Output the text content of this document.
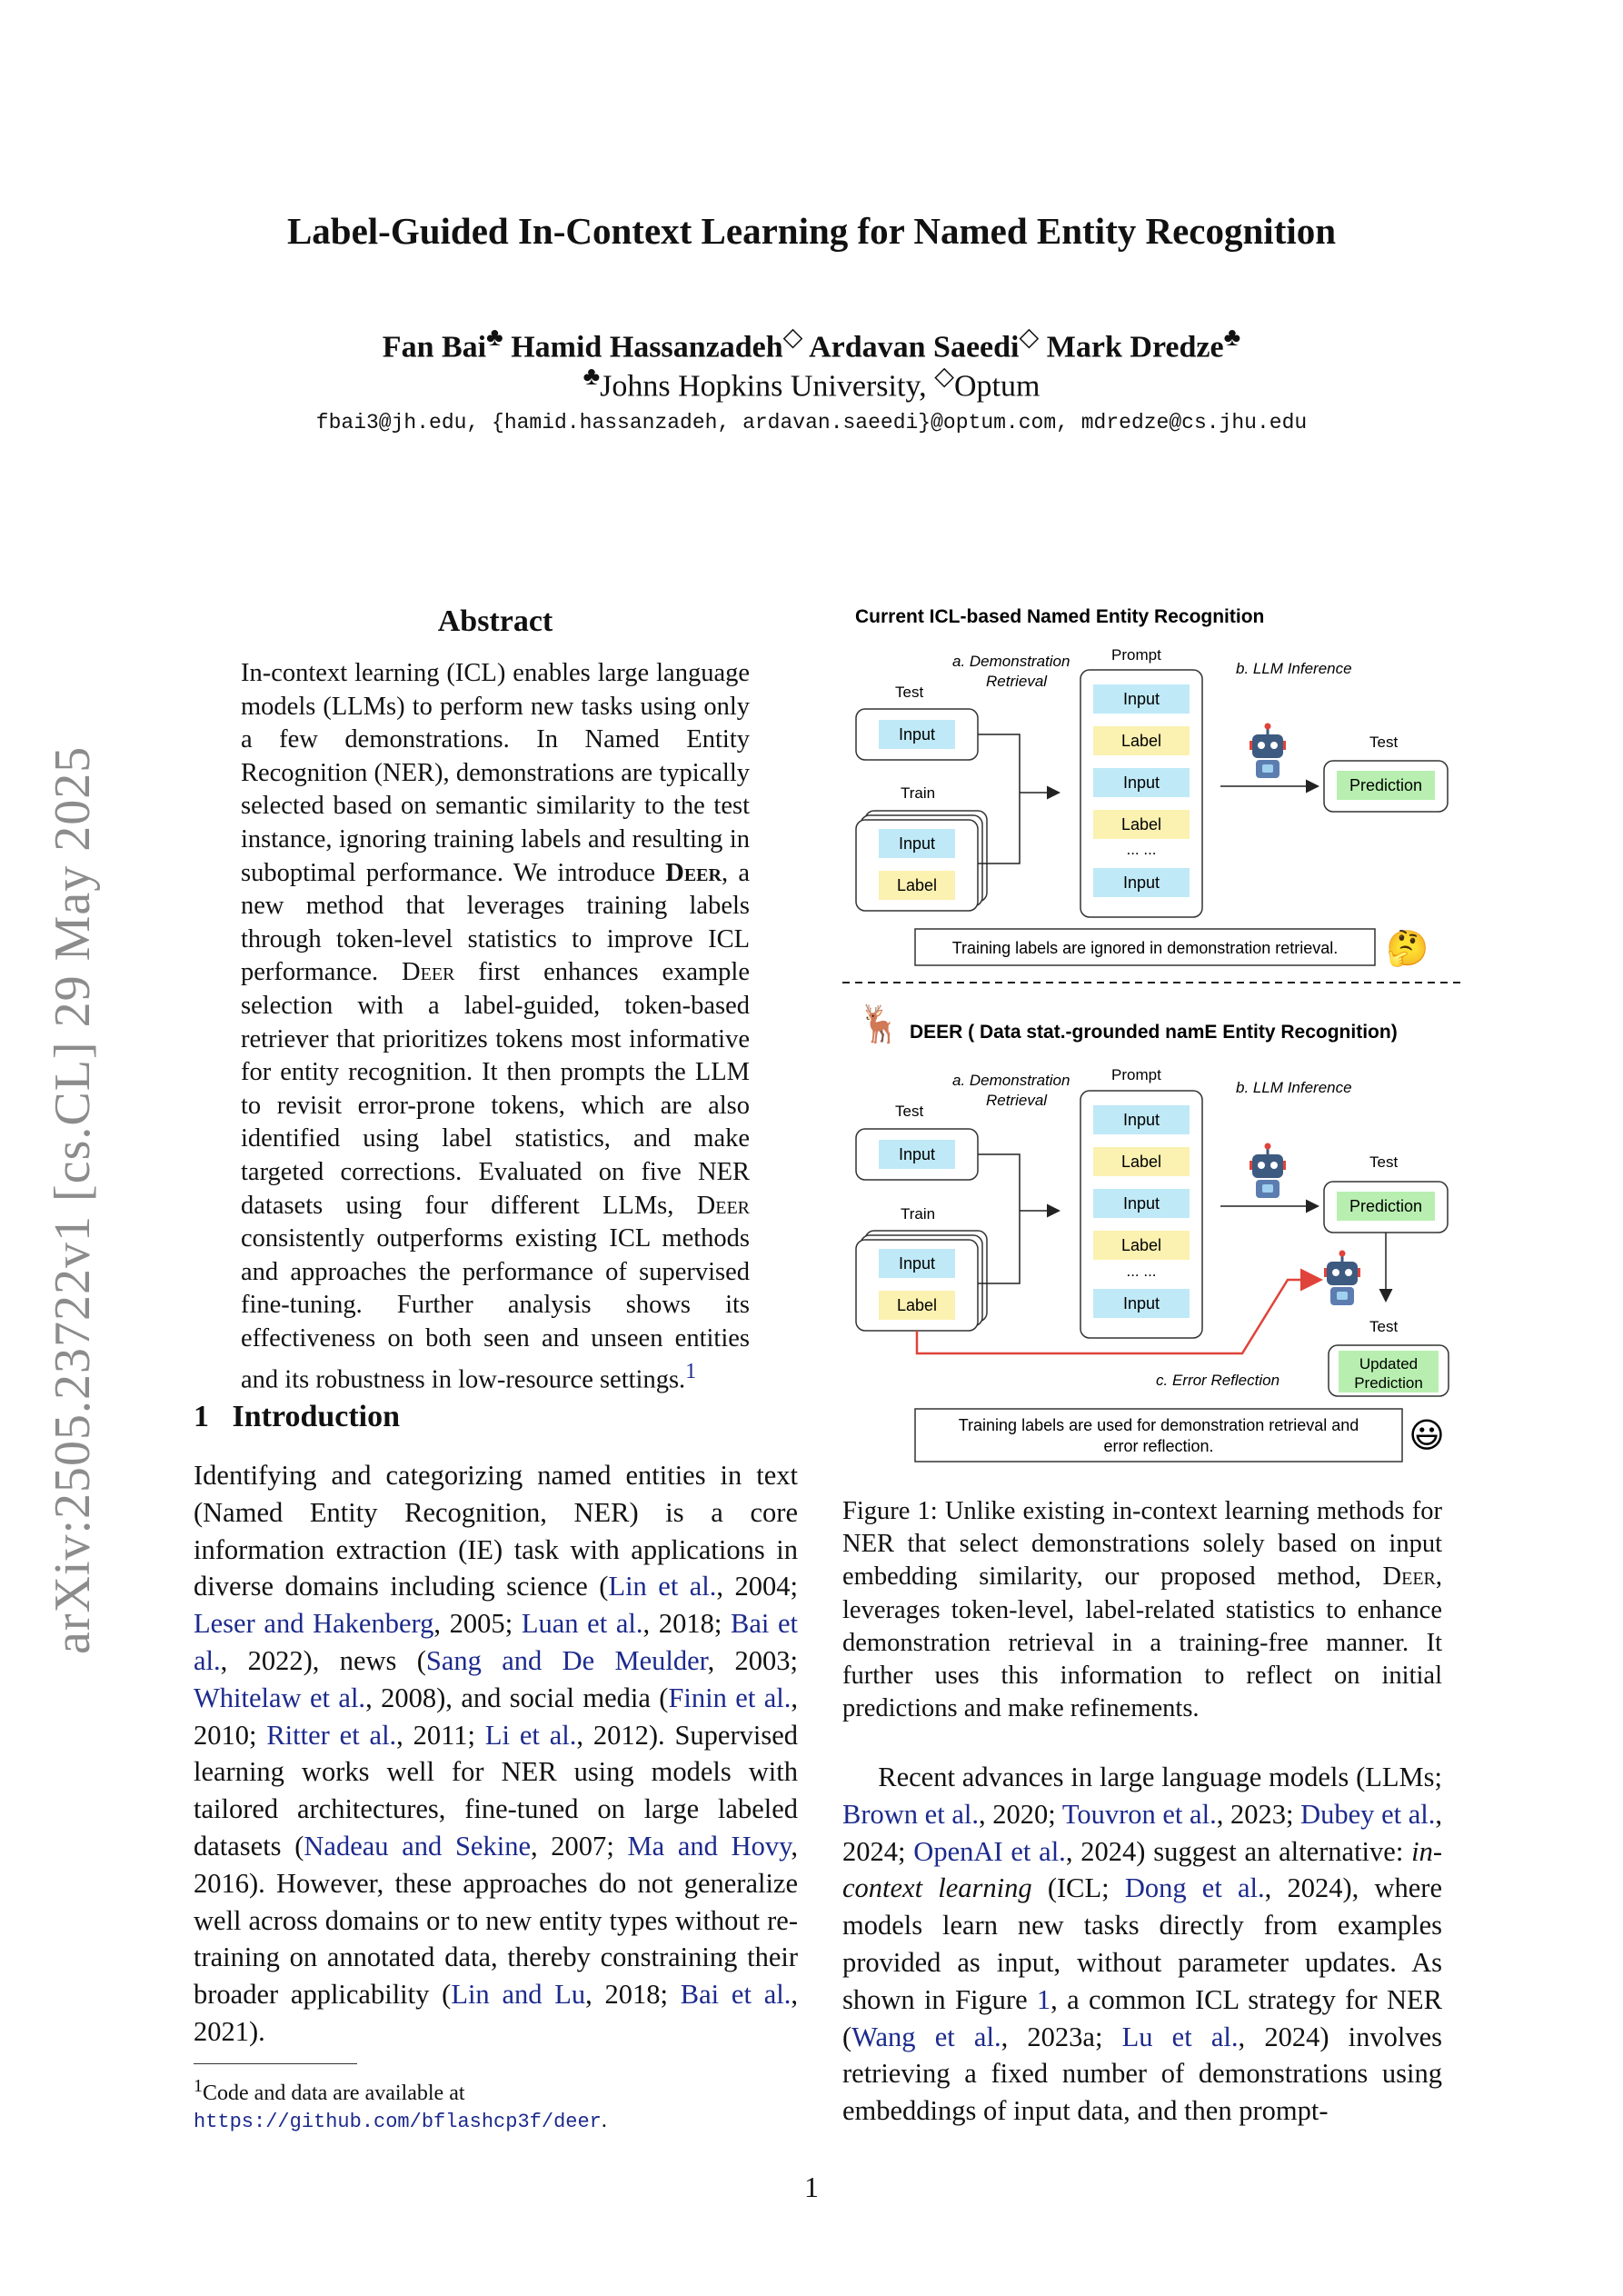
Label-Guided In-Context Learning for Named Entity Recognition
Fan Bai♣ Hamid Hassanzadeh◇ Ardavan Saeedi◇ Mark Dredze♣
♣Johns Hopkins University, ◇Optum
fbai3@jh.edu, {hamid.hassanzadeh, ardavan.saeedi}@optum.com, mdredze@cs.jhu.edu
arXiv:2505.23722v1 [cs.CL] 29 May 2025
Abstract
In-context learning (ICL) enables large language models (LLMs) to perform new tasks using only a few demonstrations. In Named Entity Recognition (NER), demonstrations are typically selected based on semantic similarity to the test instance, ignoring training labels and resulting in suboptimal performance. We introduce Deer, a new method that leverages training labels through token-level statistics to improve ICL performance. Deer first enhances example selection with a label-guided, token-based retriever that prioritizes tokens most informative for entity recognition. It then prompts the LLM to revisit error-prone tokens, which are also identified using label statistics, and make targeted corrections. Evaluated on five NER datasets using four different LLMs, Deer consistently outperforms existing ICL methods and approaches the performance of supervised fine-tuning. Further analysis shows its effectiveness on both seen and unseen entities and its robustness in low-resource settings.$^1$
1 Introduction
Identifying and categorizing named entities in text (Named Entity Recognition, NER) is a core information extraction (IE) task with applications in diverse domains including science (Lin et al., 2004; Leser and Hakenberg, 2005; Luan et al., 2018; Bai et al., 2022), news (Sang and De Meulder, 2003; Whitelaw et al., 2008), and social media (Finin et al., 2010; Ritter et al., 2011; Li et al., 2012). Supervised learning works well for NER using models with tailored architectures, fine-tuned on large labeled datasets (Nadeau and Sekine, 2007; Ma and Hovy, 2016). However, these approaches do not generalize well across domains or to new entity types without re-training on annotated data, thereby constraining their broader applicability (Lin and Lu, 2018; Bai et al., 2021).
$^1$Code and data are available at https://github.com/bflashcp3f/deer.
Current ICL-based Named Entity Recognition
a. Demonstration
Retrieval
Prompt
b. LLM Inference
Test
Input
Train
Input
Label
Input
Label
Input
Label
... ...
Input
Test
Prediction
Training labels are ignored in demonstration retrieval. 🤔
🦌 DEER ( Data stat.-grounded namE Entity Recognition)
a. Demonstration
Retrieval
Prompt
b. LLM Inference
Test
Input
Train
Input
Label
Input
Label
Input
Label
... ...
Input
Test
Prediction
Test
Updated
Prediction
c. Error Reflection
Training labels are used for demonstration retrieval and
error reflection.	😃
Figure 1: Unlike existing in-context learning methods for NER that select demonstrations solely based on input embedding similarity, our proposed method, Deer, leverages token-level, label-related statistics to enhance demonstration retrieval in a training-free manner. It further uses this information to reflect on initial predictions and make refinements.
Recent advances in large language models (LLMs; Brown et al., 2020; Touvron et al., 2023; Dubey et al., 2024; OpenAI et al., 2024) suggest an alternative: in-context learning (ICL; Dong et al., 2024), where models learn new tasks directly from examples provided as input, without parameter updates. As shown in Figure 1, a common ICL strategy for NER (Wang et al., 2023a; Lu et al., 2024) involves retrieving a fixed number of demonstrations using embeddings of input data, and then prompt-
1
